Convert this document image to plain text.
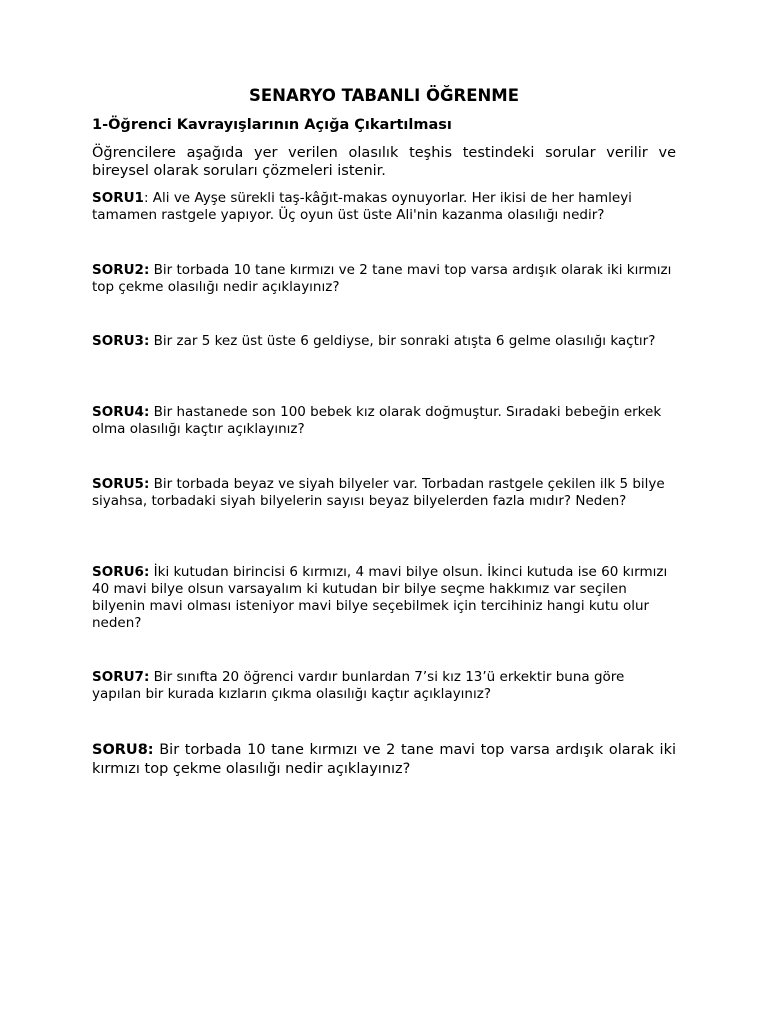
SENARYO TABANLI ÖĞRENME
1-Öğrenci Kavrayışlarının Açığa Çıkartılması

Öğrencilere aşağıda yer verilen olasılık teşhis testindeki sorular verilir ve bireysel olarak soruları çözmeleri istenir.

SORU1: Ali ve Ayşe sürekli taş-kâğıt-makas oynuyorlar. Her ikisi de her hamleyi tamamen rastgele yapıyor. Üç oyun üst üste Ali'nin kazanma olasılığı nedir?

SORU2: Bir torbada 10 tane kırmızı ve 2 tane mavi top varsa ardışık olarak iki kırmızı top çekme olasılığı nedir açıklayınız?

SORU3: Bir zar 5 kez üst üste 6 geldiyse, bir sonraki atışta 6 gelme olasılığı kaçtır?

SORU4: Bir hastanede son 100 bebek kız olarak doğmuştur. Sıradaki bebeğin erkek olma olasılığı kaçtır açıklayınız?

SORU5: Bir torbada beyaz ve siyah bilyeler var. Torbadan rastgele çekilen ilk 5 bilye siyahsa, torbadaki siyah bilyelerin sayısı beyaz bilyelerden fazla mıdır? Neden?

SORU6: İki kutudan birincisi 6 kırmızı, 4 mavi bilye olsun. İkinci kutuda ise 60 kırmızı 40 mavi bilye olsun varsayalım ki kutudan bir bilye seçme hakkımız var seçilen bilyenin mavi olması isteniyor mavi bilye seçebilmek için tercihiniz hangi kutu olur neden?

SORU7: Bir sınıfta 20 öğrenci vardır bunlardan 7’si kız 13’ü erkektir buna göre yapılan bir kurada kızların çıkma olasılığı kaçtır açıklayınız?

SORU8: Bir torbada 10 tane kırmızı ve 2 tane mavi top varsa ardışık olarak iki kırmızı top çekme olasılığı nedir açıklayınız?
